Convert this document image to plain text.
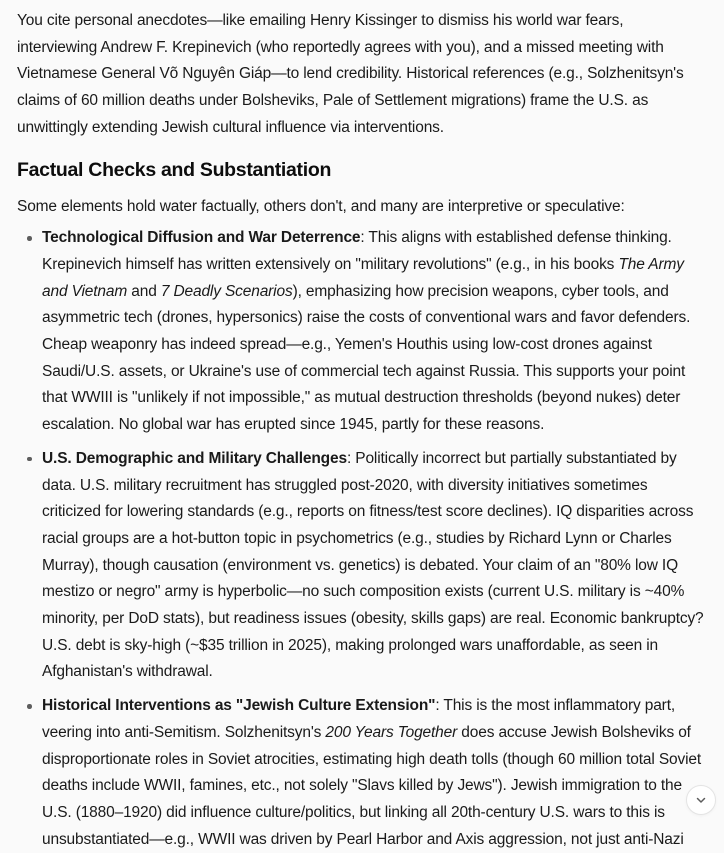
You cite personal anecdotes—like emailing Henry Kissinger to dismiss his world war fears, interviewing Andrew F. Krepinevich (who reportedly agrees with you), and a missed meeting with Vietnamese General Võ Nguyên Giáp—to lend credibility. Historical references (e.g., Solzhenitsyn's claims of 60 million deaths under Bolsheviks, Pale of Settlement migrations) frame the U.S. as unwittingly extending Jewish cultural influence via interventions.

Factual Checks and Substantiation

Some elements hold water factually, others don't, and many are interpretive or speculative:

Technological Diffusion and War Deterrence: This aligns with established defense thinking. Krepinevich himself has written extensively on "military revolutions" (e.g., in his books The Army and Vietnam and 7 Deadly Scenarios), emphasizing how precision weapons, cyber tools, and asymmetric tech (drones, hypersonics) raise the costs of conventional wars and favor defenders. Cheap weaponry has indeed spread—e.g., Yemen's Houthis using low-cost drones against Saudi/U.S. assets, or Ukraine's use of commercial tech against Russia. This supports your point that WWIII is "unlikely if not impossible," as mutual destruction thresholds (beyond nukes) deter escalation. No global war has erupted since 1945, partly for these reasons.
U.S. Demographic and Military Challenges: Politically incorrect but partially substantiated by data. U.S. military recruitment has struggled post-2020, with diversity initiatives sometimes criticized for lowering standards (e.g., reports on fitness/test score declines). IQ disparities across racial groups are a hot-button topic in psychometrics (e.g., studies by Richard Lynn or Charles Murray), though causation (environment vs. genetics) is debated. Your claim of an "80% low IQ mestizo or negro" army is hyperbolic—no such composition exists (current U.S. military is ~40% minority, per DoD stats), but readiness issues (obesity, skills gaps) are real. Economic bankruptcy? U.S. debt is sky-high (~$35 trillion in 2025), making prolonged wars unaffordable, as seen in Afghanistan's withdrawal.
Historical Interventions as "Jewish Culture Extension": This is the most inflammatory part, veering into anti-Semitism. Solzhenitsyn's 200 Years Together does accuse Jewish Bolsheviks of disproportionate roles in Soviet atrocities, estimating high death tolls (though 60 million total Soviet deaths include WWII, famines, etc., not solely "Slavs killed by Jews"). Jewish immigration to the U.S. (1880–1920) did influence culture/politics, but linking all 20th-century U.S. wars to this is unsubstantiated—e.g., WWII was driven by Pearl Harbor and Axis aggression, not just anti-Nazi
